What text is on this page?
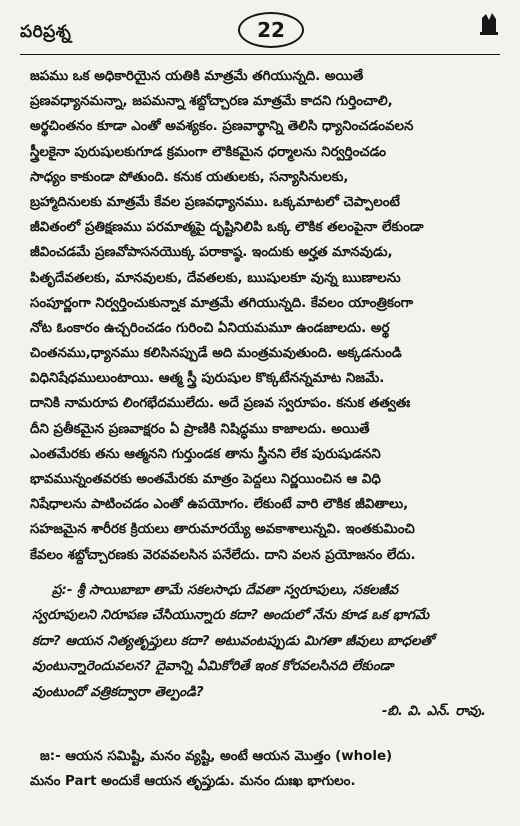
పరిప్రశ్న	22
జపము ఒక అధికారియైన యతికి మాత్రమే తగియున్నది. అయితే
ప్రణవధ్యానమన్నా, జపమన్నా శబ్దోచ్చారణ మాత్రమే కాదని గుర్తించాలి,
అర్థచింతనం కూడా ఎంతో అవశ్యకం. ప్రణవార్థాన్ని తెలిసి ధ్యానించడంవలన
స్త్రీలకైనా పురుషులకుగూడ క్రమంగా లౌకికమైన ధర్మాలను నిర్వర్తించడం
సాధ్యం కాకుండా పోతుంది. కనుక యతులకు, సన్యాసినులకు,
బ్రహ్మాదినులకు మాత్రమే కేవల ప్రణవధ్యానము. ఒక్కమాటలో చెప్పాలంటే
జీవితంలో ప్రతిక్షణము పరమాత్మపై దృష్టినిలిపి ఒక్క లౌకిక తలంపైనా లేకుండా
జీవించడమే ప్రణవోపాసనయొక్క పరాకాష్ఠ. ఇందుకు అర్హత మానవుడు,
పితృదేవతలకు, మానవులకు, దేవతలకు, ఋషులకూ వున్న ఋణాలను
సంపూర్ణంగా నిర్వర్తించుకున్నాక మాత్రమే తగియున్నది. కేవలం యాంత్రికంగా
నోట ఓంకారం ఉచ్చరించడం గురించి ఏనియమమూ ఉండజాలదు. అర్థ
చింతనము,ధ్యానము కలిసినప్పుడే అది మంత్రమవుతుంది. అక్కడనుండి
విధినిషేధములుంటాయి. ఆత్మ స్త్రీ పురుషుల కొక్కటేనన్నమాట నిజమే.
దానికి నామరూప లింగభేదములేదు. అదే ప్రణవ స్వరూపం. కనుక తత్వతః
దీని ప్రతీకమైన ప్రణవాక్షరం ఏ ప్రాణికి నిషిద్ధము కాజాలదు. అయితే
ఎంతమేరకు తను ఆత్మనని గుర్తుండక తాను స్త్రీనని లేక పురుషుడనని
భావమున్నంతవరకు అంతమేరకు మాత్రం పెద్దలు నిర్ణయించిన ఆ విధి
నిషేధాలను పాటించడం ఎంతో ఉపయోగం. లేకుంటే వారి లౌకిక జీవితాలు,
సహజమైన శారీరక క్రియలు తారుమారయ్యే అవకాశాలున్నవి. ఇంతకుమించి
కేవలం శబ్దోచ్చారణకు వెరవవలసిన పనేలేదు. దాని వలన ప్రయోజనం లేదు.
ప్ర:- శ్రీ సాయిబాబా తామే సకలసాధు దేవతా స్వరూపులు, సకలజీవ
స్వరూపులని నిరూపణ చేసియున్నారు కదా? అందులో నేను కూడ ఒక భాగమే
కదా? ఆయన నిత్యతృప్తులు కదా? అటువంటప్పుడు మిగతా జీవులు బాధలతో
వుంటున్నారెందువలన? దైవాన్ని ఏమికోరితే ఇంక కోరవలసినది లేకుండా
వుంటుందో వత్రికద్వారా తెల్పండి?
-బి. వి. ఎన్. రావు.
జ:- ఆయన సమిష్టి, మనం వ్యష్టి, అంటే ఆయన మొత్తం (whole)
మనం Part అందుకే ఆయన తృప్తుడు. మనం దుఃఖ భాగులం.
